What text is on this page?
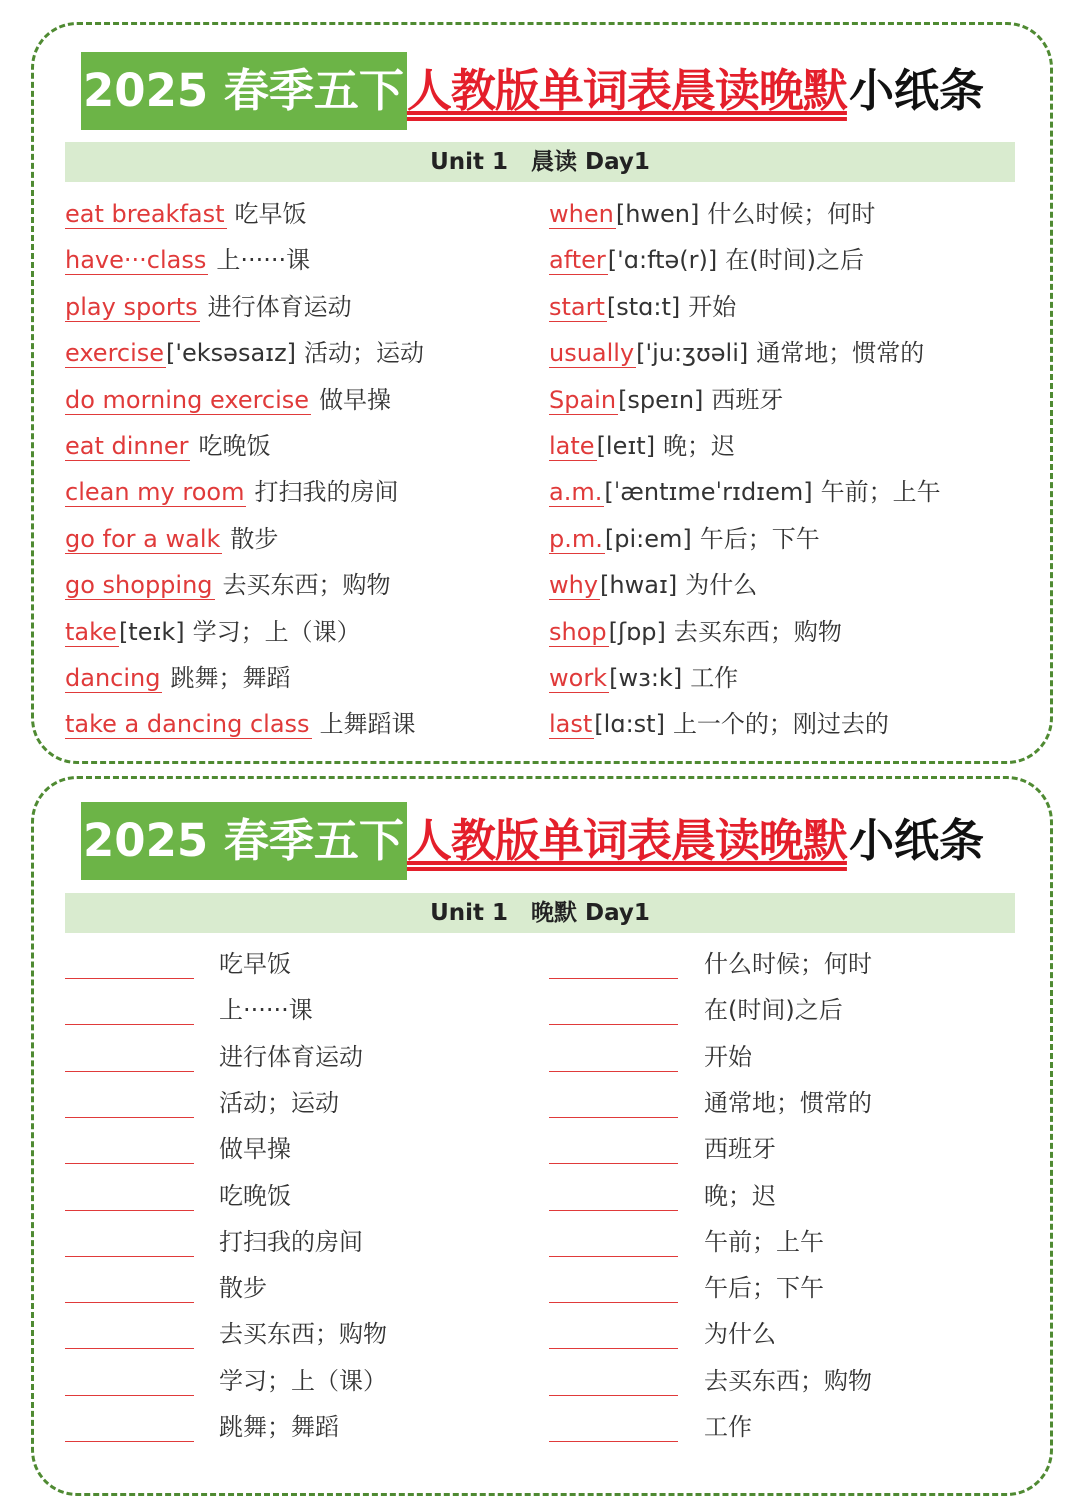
2025 春季五下 人教版单词表晨读晚默 小纸条
Unit 1　晨读 Day1
2025 春季五下 人教版单词表晨读晚默 小纸条
Unit 1　晚默 Day1
eat breakfast 吃早饭
have···class 上······课
play sports 进行体育运动
exercise['eksəsaɪz] 活动；运动
do morning exercise 做早操
eat dinner 吃晚饭
clean my room 打扫我的房间
go for a walk 散步
go shopping 去买东西；购物
take[teɪk] 学习；上（课）
dancing 跳舞；舞蹈
take a dancing class 上舞蹈课
when[hwen] 什么时候；何时
after['ɑ:ftə(r)] 在(时间)之后
start[stɑ:t] 开始
usually['ju:ʒʊəli] 通常地；惯常的
Spain[speɪn] 西班牙
late[leɪt] 晚；迟
a.m.[ˈæntɪmeˈrɪdɪem] 午前；上午
p.m.[pi:em] 午后；下午
why[hwaɪ] 为什么
shop[ʃɒp] 去买东西；购物
work[wɜ:k] 工作
last[lɑ:st] 上一个的；刚过去的
吃早饭
上······课
进行体育运动
活动；运动
做早操
吃晚饭
打扫我的房间
散步
去买东西；购物
学习；上（课）
跳舞；舞蹈
什么时候；何时
在(时间)之后
开始
通常地；惯常的
西班牙
晚；迟
午前；上午
午后；下午
为什么
去买东西；购物
工作
